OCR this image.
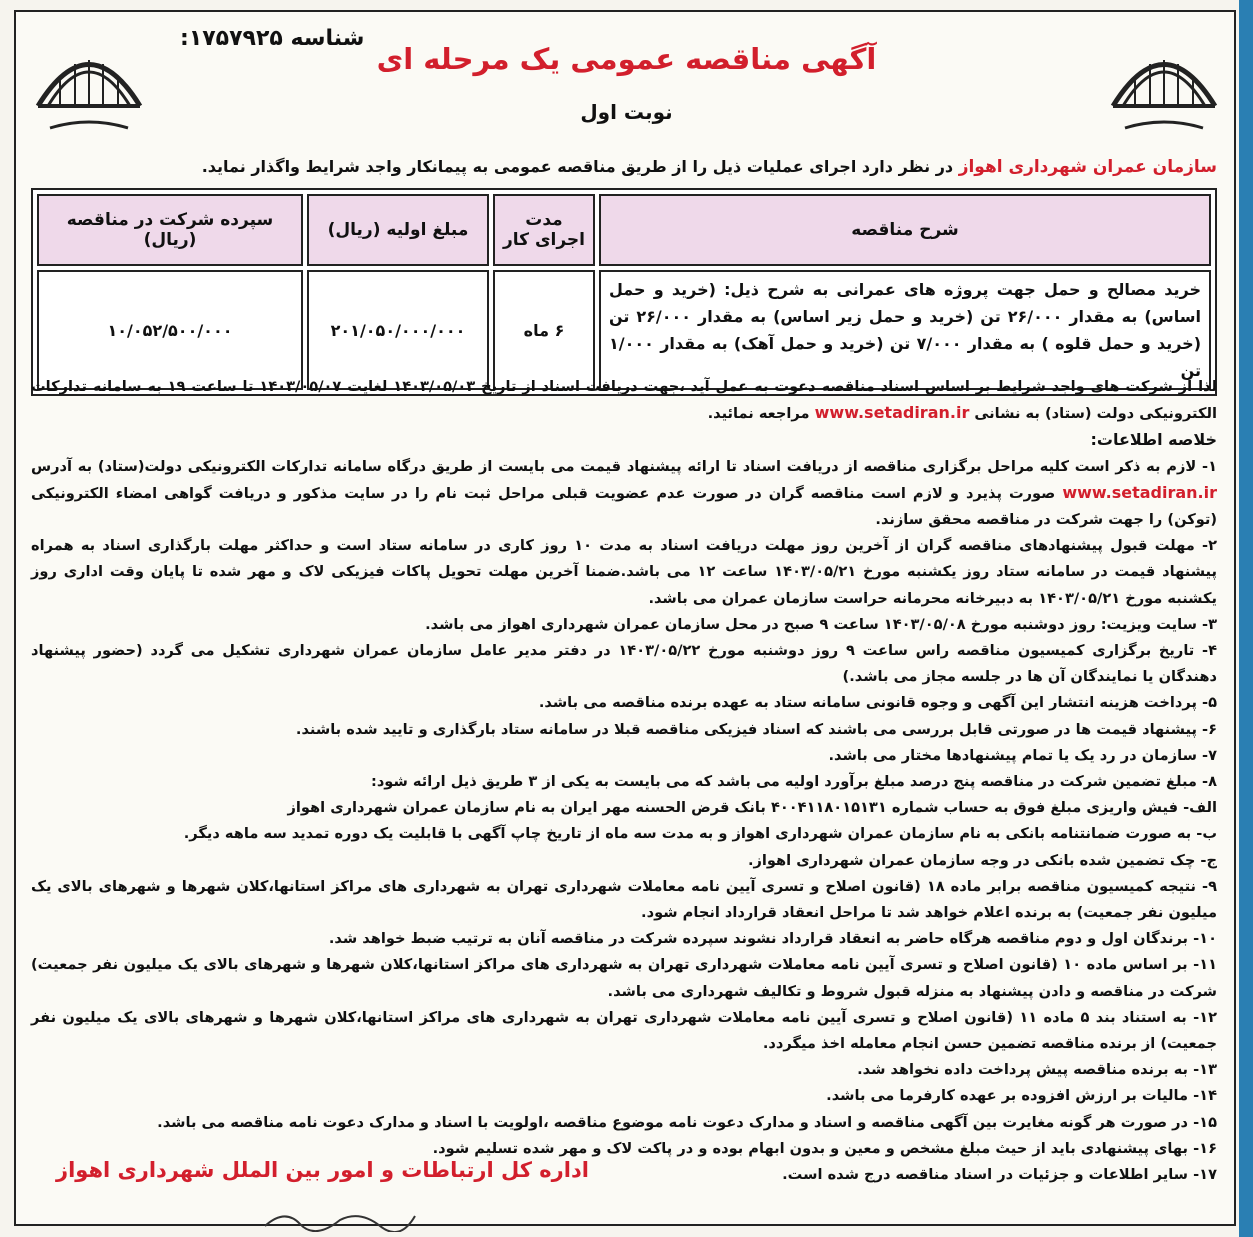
شناسه ۱۷۵۷۹۲۵:
آگهی مناقصه عمومی یک مرحله ای
نوبت اول
سازمان عمران شهرداری اهواز در نظر دارد اجرای عملیات ذیل را از طریق مناقصه عمومی به پیمانکار واجد شرایط واگذار نماید.
شرح مناقصه	مدت اجرای کار	مبلغ اولیه (ریال)	سپرده شرکت در مناقصه (ریال)
خرید مصالح و حمل جهت پروژه های عمرانی به شرح ذیل: (خرید و حمل اساس) به مقدار ۲۶/۰۰۰ تن (خرید و حمل زیر اساس) به مقدار ۲۶/۰۰۰ تن (خرید و حمل قلوه ) به مقدار ۷/۰۰۰ تن (خرید و حمل آهک) به مقدار ۱/۰۰۰ تن	۶ ماه	۲۰۱/۰۵۰/۰۰۰/۰۰۰	۱۰/۰۵۲/۵۰۰/۰۰۰

لذا از شرکت های واجد شرایط بر اساس اسناد مناقصه دعوت به عمل آید ،جهت دریافت اسناد از تاریخ ۱۴۰۳/۰۵/۰۳ لغایت ۱۴۰۳/۰۵/۰۷ تا ساعت ۱۹ به سامانه تدارکات الکترونیکی دولت (ستاد) به نشانی www.setadiran.ir مراجعه نمائید.

خلاصه اطلاعات:

۱- لازم به ذکر است کلیه مراحل برگزاری مناقصه از دریافت اسناد تا ارائه پیشنهاد قیمت می بایست از طریق درگاه سامانه تدارکات الکترونیکی دولت(ستاد) به آدرس www.setadiran.ir صورت پذیرد و لازم است مناقصه گران در صورت عدم عضویت قبلی مراحل ثبت نام را در سایت مذکور و دریافت گواهی امضاء الکترونیکی (توکن) را جهت شرکت در مناقصه محقق سازند.

۲- مهلت قبول پیشنهادهای مناقصه گران از آخرین روز مهلت دریافت اسناد به مدت ۱۰ روز کاری در سامانه ستاد است و حداکثر مهلت بارگذاری اسناد به همراه پیشنهاد قیمت در سامانه ستاد روز یکشنبه مورخ ۱۴۰۳/۰۵/۲۱ ساعت ۱۲ می باشد.ضمنا آخرین مهلت تحویل پاکات فیزیکی لاک و مهر شده تا پایان وقت اداری روز یکشنبه مورخ ۱۴۰۳/۰۵/۲۱ به دبیرخانه محرمانه حراست سازمان عمران می باشد.

۳- سایت ویزیت: روز دوشنبه مورخ ۱۴۰۳/۰۵/۰۸ ساعت ۹ صبح در محل سازمان عمران شهرداری اهواز می باشد.

۴- تاریخ برگزاری کمیسیون مناقصه راس ساعت ۹ روز دوشنبه مورخ ۱۴۰۳/۰۵/۲۲ در دفتر مدیر عامل سازمان عمران شهرداری تشکیل می گردد (حضور پیشنهاد دهندگان یا نمایندگان آن ها در جلسه مجاز می باشد.)

۵- پرداخت هزینه انتشار این آگهی و وجوه قانونی سامانه ستاد به عهده برنده مناقصه می باشد.

۶- پیشنهاد قیمت ها در صورتی قابل بررسی می باشند که اسناد فیزیکی مناقصه قبلا در سامانه ستاد بارگذاری و تایید شده باشند.

۷- سازمان در رد یک یا تمام پیشنهادها مختار می باشد.

۸- مبلغ تضمین شرکت در مناقصه پنج درصد مبلغ برآورد اولیه می باشد که می بایست به یکی از ۳ طریق ذیل ارائه شود:

الف- فیش واریزی مبلغ فوق به حساب شماره ۴۰۰۴۱۱۸۰۱۵۱۳۱ بانک قرض الحسنه مهر ایران به نام سازمان عمران شهرداری اهواز

ب- به صورت ضمانتنامه بانکی به نام سازمان عمران شهرداری اهواز و به مدت سه ماه از تاریخ چاپ آگهی با قابلیت یک دوره تمدید سه ماهه دیگر.

ج- چک تضمین شده بانکی در وجه سازمان عمران شهرداری اهواز.

۹- نتیجه کمیسیون مناقصه برابر ماده ۱۸ (قانون اصلاح و تسری آیین نامه معاملات شهرداری تهران به شهرداری های مراکز استانها،کلان شهرها و شهرهای بالای یک میلیون نفر جمعیت) به برنده اعلام خواهد شد تا مراحل انعقاد قرارداد انجام شود.

۱۰- برندگان اول و دوم مناقصه هرگاه حاضر به انعقاد قرارداد نشوند سپرده شرکت در مناقصه آنان به ترتیب ضبط خواهد شد.

۱۱- بر اساس ماده ۱۰ (قانون اصلاح و تسری آیین نامه معاملات شهرداری تهران به شهرداری های مراکز استانها،کلان شهرها و شهرهای بالای یک میلیون نفر جمعیت) شرکت در مناقصه و دادن پیشنهاد به منزله قبول شروط و تکالیف شهرداری می باشد.

۱۲- به استناد بند ۵ ماده ۱۱ (قانون اصلاح و تسری آیین نامه معاملات شهرداری تهران به شهرداری های مراکز استانها،کلان شهرها و شهرهای بالای یک میلیون نفر جمعیت) از برنده مناقصه تضمین حسن انجام معامله اخذ میگردد.

۱۳- به برنده مناقصه پیش پرداخت داده نخواهد شد.

۱۴- مالیات بر ارزش افزوده بر عهده کارفرما می باشد.

۱۵- در صورت هر گونه مغایرت بین آگهی مناقصه و اسناد و مدارک دعوت نامه موضوع مناقصه ،اولویت با اسناد و مدارک دعوت نامه مناقصه می باشد.

۱۶- بهای پیشنهادی باید از حیث مبلغ مشخص و معین و بدون ابهام بوده و در پاکت لاک و مهر شده تسلیم شود.

۱۷- سایر اطلاعات و جزئیات در اسناد مناقصه درج شده است.

اداره کل ارتباطات و امور بین الملل شهرداری اهواز
